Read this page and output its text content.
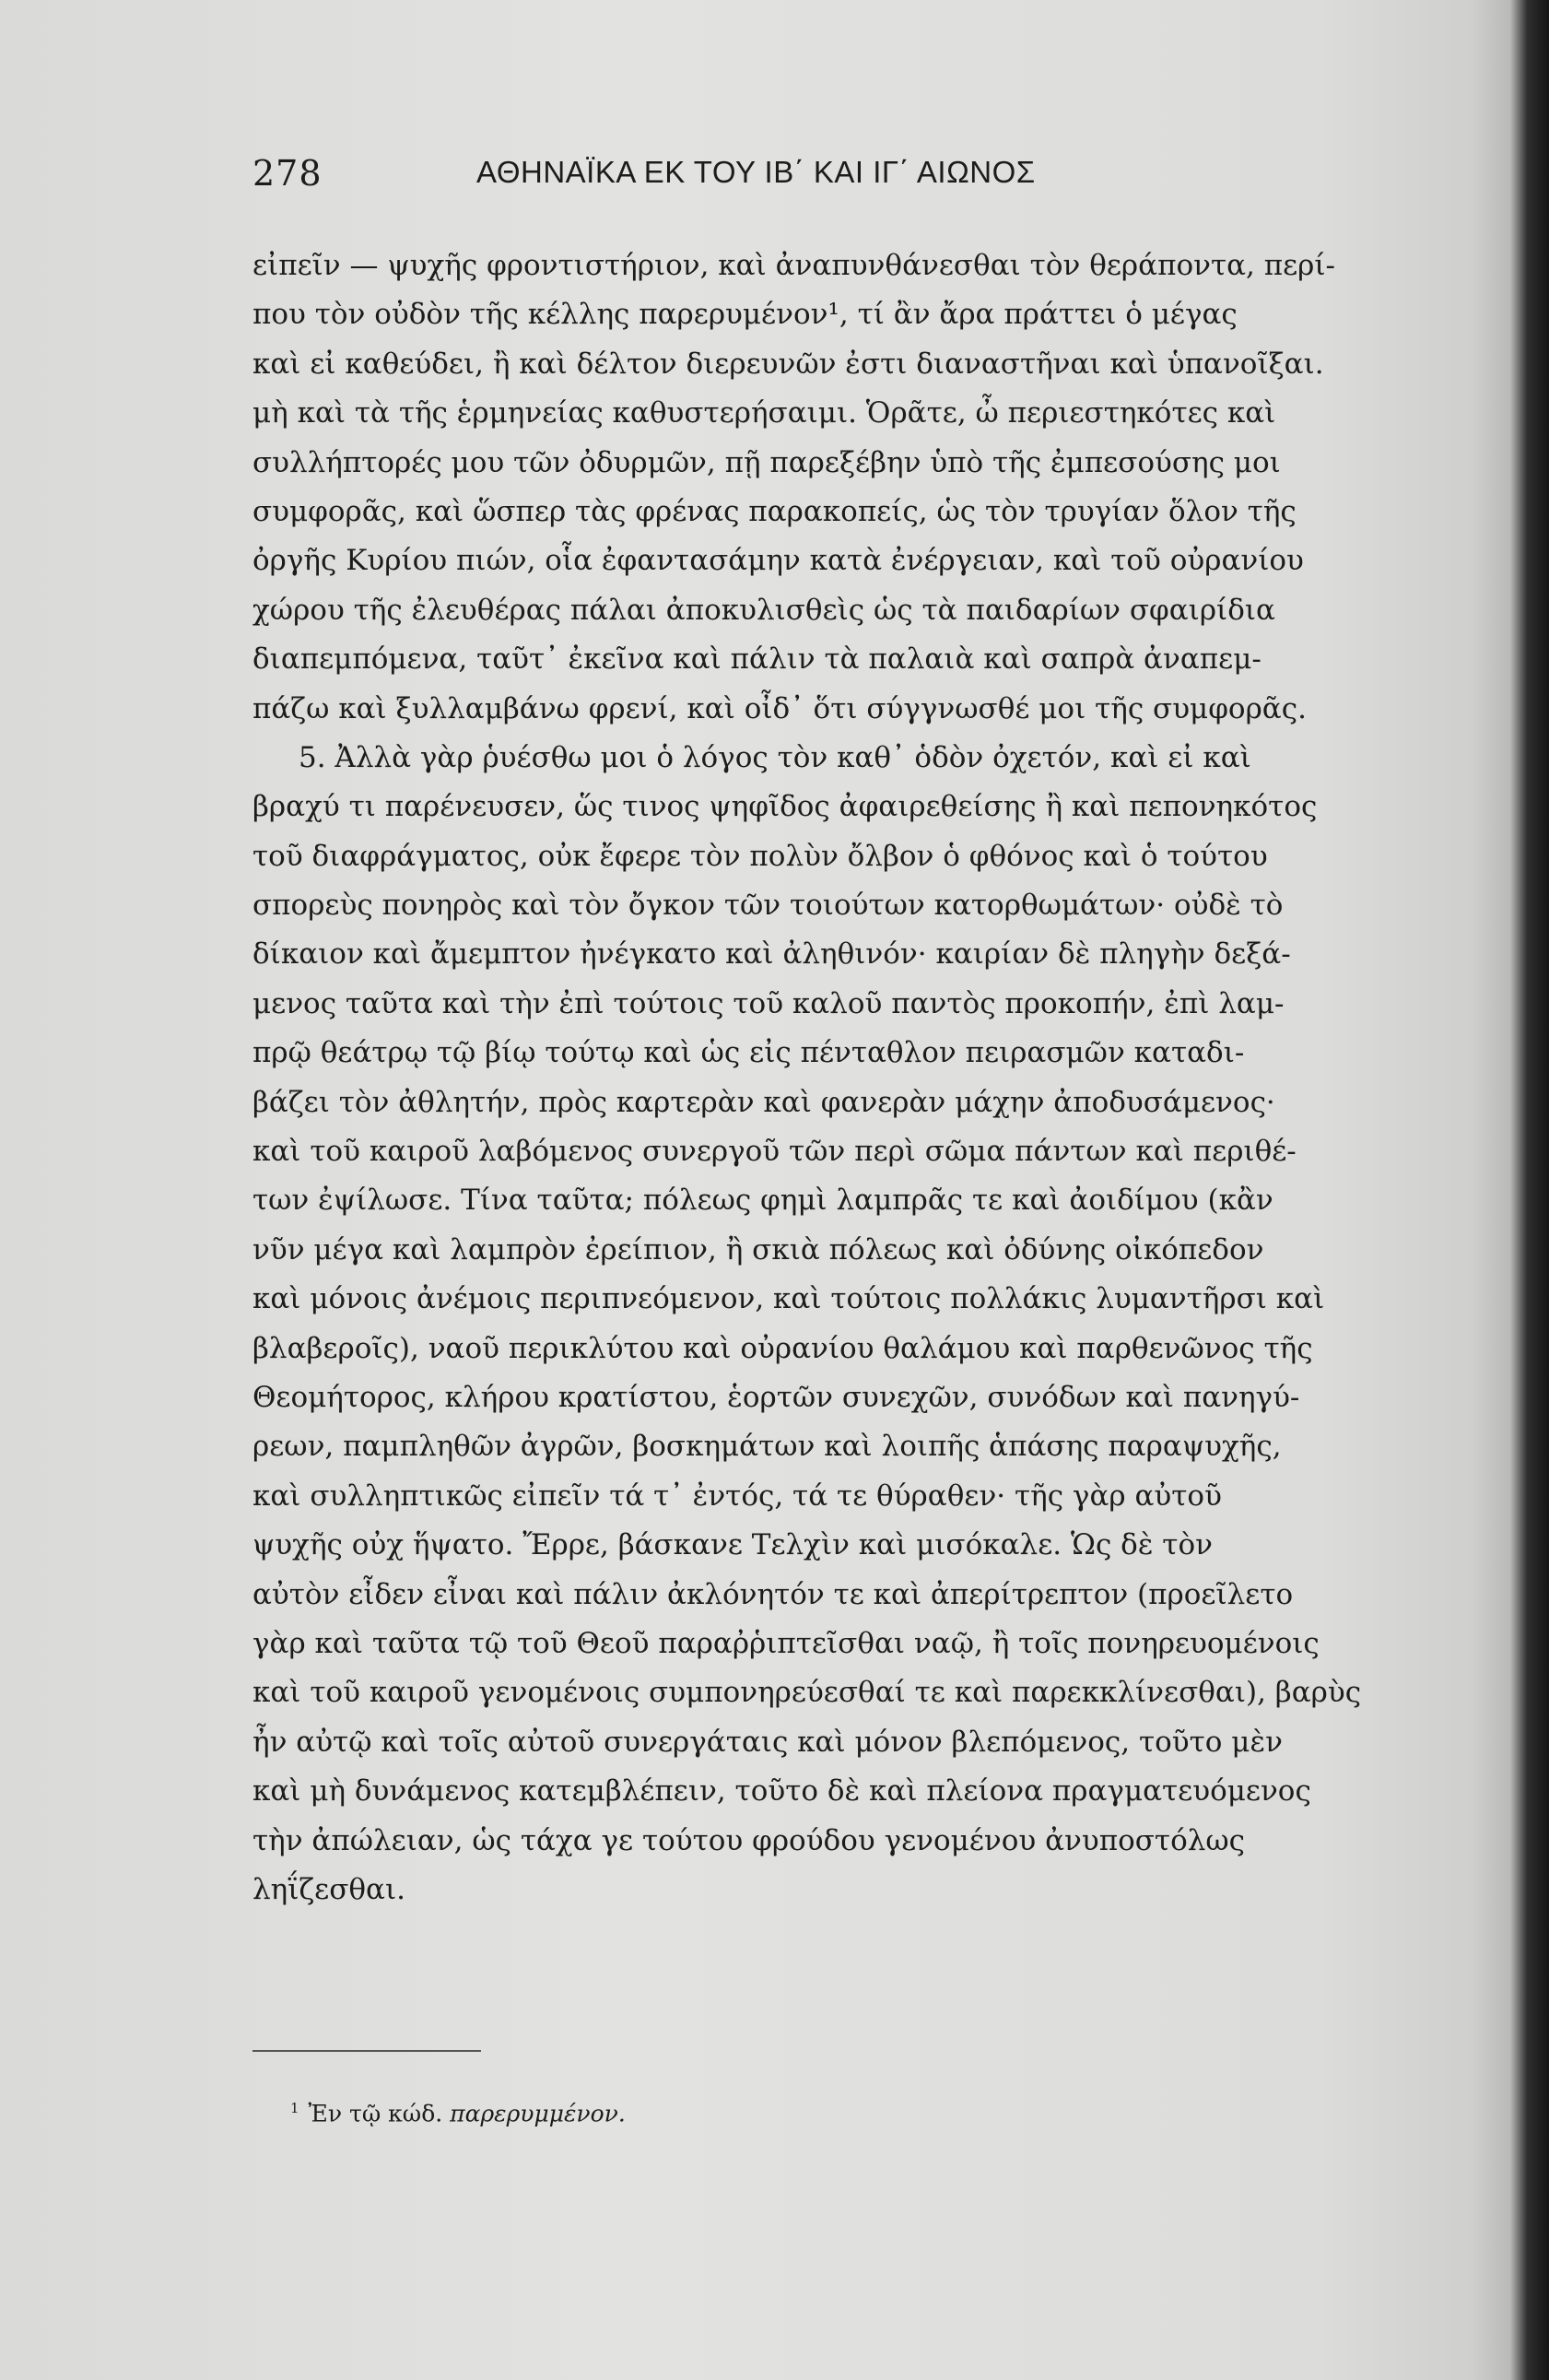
278	ΑΘΗΝΑΪΚΑ ΕΚ ΤΟΥ ΙΒ΄ ΚΑΙ ΙΓ΄ ΑΙΩΝΟΣ
εἰπεῖν — ψυχῆς φροντιστήριον, καὶ ἀναπυνθάνεσθαι τὸν θεράποντα, περί-
που τὸν οὐδὸν τῆς κέλλης παρερυμένον¹, τί ἂν ἄρα πράττει ὁ μέγας
καὶ εἰ καθεύδει, ἢ καὶ δέλτον διερευνῶν ἐστι διαναστῆναι καὶ ὑπανοῖξαι.
μὴ καὶ τὰ τῆς ἑρμηνείας καθυστερήσαιμι. Ὁρᾶτε, ὦ περιεστηκότες καὶ
συλλήπτορές μου τῶν ὀδυρμῶν, πῇ παρεξέβην ὑπὸ τῆς ἐμπεσούσης μοι
συμφορᾶς, καὶ ὥσπερ τὰς φρένας παρακοπείς, ὡς τὸν τρυγίαν ὅλον τῆς
ὀργῆς Κυρίου πιών, οἷα ἐφαντασάμην κατὰ ἐνέργειαν, καὶ τοῦ οὐρανίου
χώρου τῆς ἐλευθέρας πάλαι ἀποκυλισθεὶς ὡς τὰ παιδαρίων σφαιρίδια
διαπεμπόμενα, ταῦτ᾽ ἐκεῖνα καὶ πάλιν τὰ παλαιὰ καὶ σαπρὰ ἀναπεμ-
πάζω καὶ ξυλλαμβάνω φρενί, καὶ οἶδ᾽ ὅτι σύγγνωσθέ μοι τῆς συμφορᾶς.
5. Ἀλλὰ γὰρ ῥυέσθω μοι ὁ λόγος τὸν καθ᾽ ὁδὸν ὀχετόν, καὶ εἰ καὶ
βραχύ τι παρένευσεν, ὥς τινος ψηφῖδος ἀφαιρεθείσης ἢ καὶ πεπονηκότος
τοῦ διαφράγματος, οὐκ ἔφερε τὸν πολὺν ὄλβον ὁ φθόνος καὶ ὁ τούτου
σπορεὺς πονηρὸς καὶ τὸν ὄγκον τῶν τοιούτων κατορθωμάτων· οὐδὲ τὸ
δίκαιον καὶ ἄμεμπτον ἠνέγκατο καὶ ἀληθινόν· καιρίαν δὲ πληγὴν δεξά-
μενος ταῦτα καὶ τὴν ἐπὶ τούτοις τοῦ καλοῦ παντὸς προκοπήν, ἐπὶ λαμ-
πρῷ θεάτρῳ τῷ βίῳ τούτῳ καὶ ὡς εἰς πένταθλον πειρασμῶν καταδι-
βάζει τὸν ἀθλητήν, πρὸς καρτερὰν καὶ φανερὰν μάχην ἀποδυσάμενος·
καὶ τοῦ καιροῦ λαβόμενος συνεργοῦ τῶν περὶ σῶμα πάντων καὶ περιθέ-
των ἐψίλωσε. Τίνα ταῦτα; πόλεως φημὶ λαμπρᾶς τε καὶ ἀοιδίμου (κἂν
νῦν μέγα καὶ λαμπρὸν ἐρείπιον, ἢ σκιὰ πόλεως καὶ ὀδύνης οἰκόπεδον
καὶ μόνοις ἀνέμοις περιπνεόμενον, καὶ τούτοις πολλάκις λυμαντῆρσι καὶ
βλαβεροῖς), ναοῦ περικλύτου καὶ οὐρανίου θαλάμου καὶ παρθενῶνος τῆς
Θεομήτορος, κλήρου κρατίστου, ἑορτῶν συνεχῶν, συνόδων καὶ πανηγύ-
ρεων, παμπληθῶν ἀγρῶν, βοσκημάτων καὶ λοιπῆς ἁπάσης παραψυχῆς,
καὶ συλληπτικῶς εἰπεῖν τά τ᾽ ἐντός, τά τε θύραθεν· τῆς γὰρ αὐτοῦ
ψυχῆς οὐχ ἥψατο. Ἔρρε, βάσκανε Τελχὶν καὶ μισόκαλε. Ὡς δὲ τὸν
αὐτὸν εἶδεν εἶναι καὶ πάλιν ἀκλόνητόν τε καὶ ἀπερίτρεπτον (προεῖλετο
γὰρ καὶ ταῦτα τῷ τοῦ Θεοῦ παραῤῥιπτεῖσθαι ναῷ, ἢ τοῖς πονηρευομένοις
καὶ τοῦ καιροῦ γενομένοις συμπονηρεύεσθαί τε καὶ παρεκκλίνεσθαι), βαρὺς
ἦν αὐτῷ καὶ τοῖς αὐτοῦ συνεργάταις καὶ μόνον βλεπόμενος, τοῦτο μὲν
καὶ μὴ δυνάμενος κατεμβλέπειν, τοῦτο δὲ καὶ πλείονα πραγματευόμενος
τὴν ἀπώλειαν, ὡς τάχα γε τούτου φρούδου γενομένου ἀνυποστόλως
ληΐζεσθαι.
$^1$ Ἐν τῷ κώδ. παρερυμμένον.
